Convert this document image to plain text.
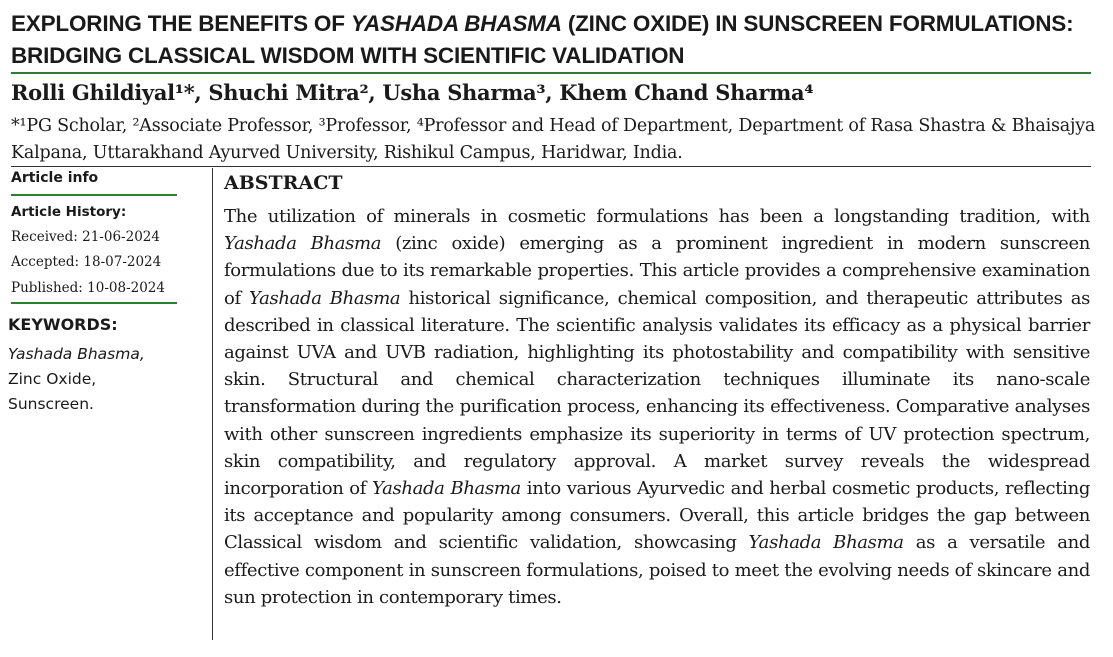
EXPLORING THE BENEFITS OF YASHADA BHASMA (ZINC OXIDE) IN SUNSCREEN FORMULATIONS: BRIDGING CLASSICAL WISDOM WITH SCIENTIFIC VALIDATION
Rolli Ghildiyal¹*, Shuchi Mitra², Usha Sharma³, Khem Chand Sharma⁴
*¹PG Scholar, ²Associate Professor, ³Professor, ⁴Professor and Head of Department, Department of Rasa Shastra & Bhaisajya Kalpana, Uttarakhand Ayurved University, Rishikul Campus, Haridwar, India.
Article info
Article History:
Received: 21-06-2024
Accepted: 18-07-2024
Published: 10-08-2024
KEYWORDS:
Yashada Bhasma,
Zinc Oxide,
Sunscreen.
ABSTRACT
The utilization of minerals in cosmetic formulations has been a longstanding tradition, with Yashada Bhasma (zinc oxide) emerging as a prominent ingredient in modern sunscreen formulations due to its remarkable properties. This article provides a comprehensive examination of Yashada Bhasma historical significance, chemical composition, and therapeutic attributes as described in classical literature. The scientific analysis validates its efficacy as a physical barrier against UVA and UVB radiation, highlighting its photostability and compatibility with sensitive skin. Structural and chemical characterization techniques illuminate its nano-scale transformation during the purification process, enhancing its effectiveness. Comparative analyses with other sunscreen ingredients emphasize its superiority in terms of UV protection spectrum, skin compatibility, and regulatory approval. A market survey reveals the widespread incorporation of Yashada Bhasma into various Ayurvedic and herbal cosmetic products, reflecting its acceptance and popularity among consumers. Overall, this article bridges the gap between Classical wisdom and scientific validation, showcasing Yashada Bhasma as a versatile and effective component in sunscreen formulations, poised to meet the evolving needs of skincare and sun protection in contemporary times.
